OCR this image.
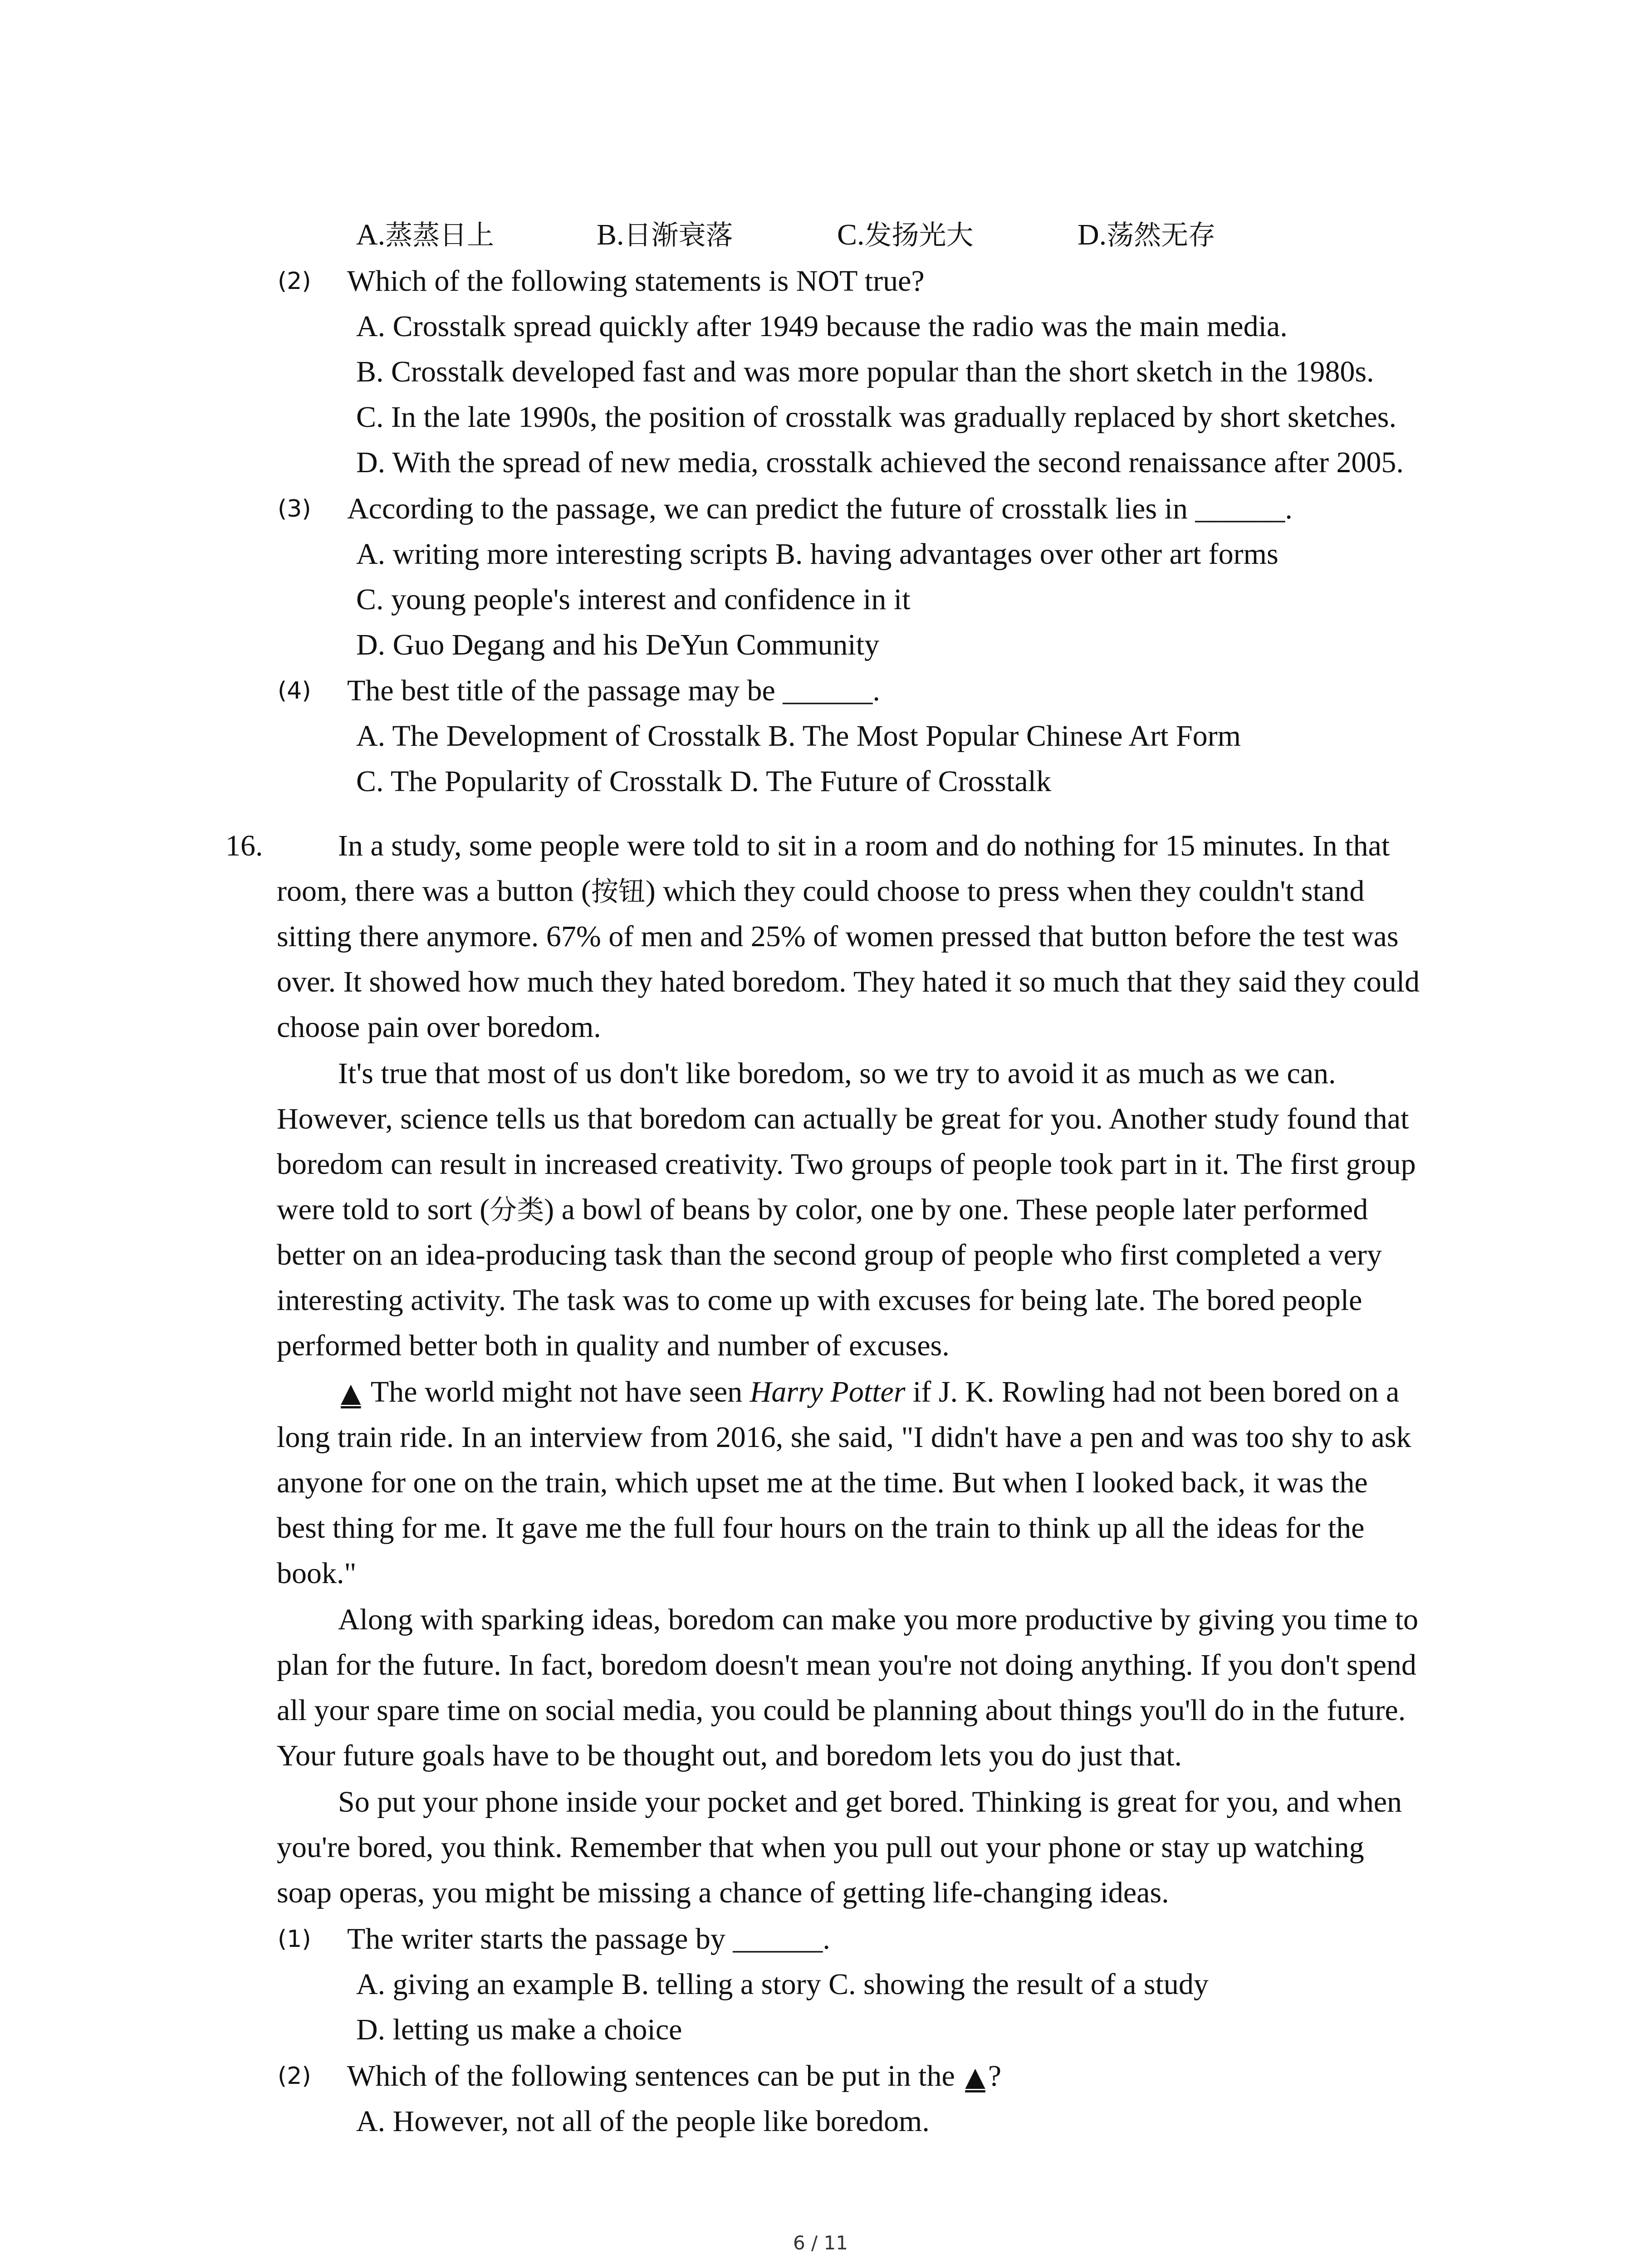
A.蒸蒸日上	B.日渐衰落	C.发扬光大	D.荡然无存
(2) Which of the following statements is NOT true?
A. Crosstalk spread quickly after 1949 because the radio was the main media.
B. Crosstalk developed fast and was more popular than the short sketch in the 1980s.
C. In the late 1990s, the position of crosstalk was gradually replaced by short sketches.
D. With the spread of new media, crosstalk achieved the second renaissance after 2005.
(3) According to the passage, we can predict the future of crosstalk lies in ______.
A. writing more interesting scripts B. having advantages over other art forms
C. young people's interest and confidence in it
D. Guo Degang and his DeYun Community
(4) The best title of the passage may be ______.
A. The Development of Crosstalk B. The Most Popular Chinese Art Form
C. The Popularity of Crosstalk D. The Future of Crosstalk
16.	In a study, some people were told to sit in a room and do nothing for 15 minutes. In that
room, there was a button (按钮) which they could choose to press when they couldn't stand
sitting there anymore. 67% of men and 25% of women pressed that button before the test was
over. It showed how much they hated boredom. They hated it so much that they said they could
choose pain over boredom.
It's true that most of us don't like boredom, so we try to avoid it as much as we can.
However, science tells us that boredom can actually be great for you. Another study found that
boredom can result in increased creativity. Two groups of people took part in it. The first group
were told to sort (分类) a bowl of beans by color, one by one. These people later performed
better on an idea-producing task than the second group of people who first completed a very
interesting activity. The task was to come up with excuses for being late. The bored people
performed better both in quality and number of excuses.
▲ The world might not have seen Harry Potter if J. K. Rowling had not been bored on a
long train ride. In an interview from 2016, she said, "I didn't have a pen and was too shy to ask
anyone for one on the train, which upset me at the time. But when I looked back, it was the
best thing for me. It gave me the full four hours on the train to think up all the ideas for the
book."
Along with sparking ideas, boredom can make you more productive by giving you time to
plan for the future. In fact, boredom doesn't mean you're not doing anything. If you don't spend
all your spare time on social media, you could be planning about things you'll do in the future.
Your future goals have to be thought out, and boredom lets you do just that.
So put your phone inside your pocket and get bored. Thinking is great for you, and when
you're bored, you think. Remember that when you pull out your phone or stay up watching
soap operas, you might be missing a chance of getting life-changing ideas.
(1) The writer starts the passage by ______.
A. giving an example B. telling a story C. showing the result of a study
D. letting us make a choice
(2) Which of the following sentences can be put in the ▲?
A. However, not all of the people like boredom.
6 / 11
